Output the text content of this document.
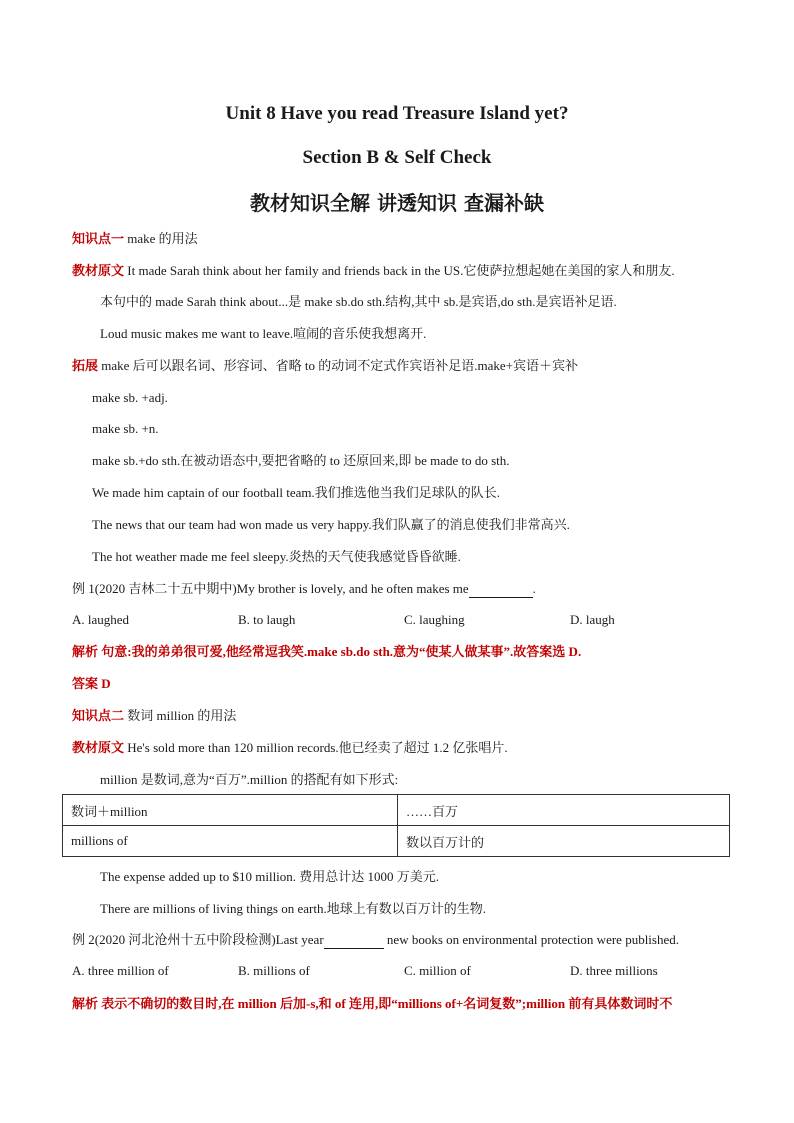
Unit 8 Have you read Treasure Island yet?
Section B & Self Check
教材知识全解 讲透知识 查漏补缺
知识点一 make 的用法
教材原文 It made Sarah think about her family and friends back in the US.它使萨拉想起她在美国的家人和朋友.
本句中的 made Sarah think about...是 make sb.do sth.结构,其中 sb.是宾语,do sth.是宾语补足语.
Loud music makes me want to leave.喧闹的音乐使我想离开.
拓展 make 后可以跟名词、形容词、省略 to 的动词不定式作宾语补足语.make+宾语＋宾补
make sb. +adj.
make sb. +n.
make sb.+do sth.在被动语态中,要把省略的 to 还原回来,即 be made to do sth.
We made him captain of our football team.我们推选他当我们足球队的队长.
The news that our team had won made us very happy.我们队赢了的消息使我们非常高兴.
The hot weather made me feel sleepy.炎热的天气使我感觉昏昏欲睡.
例 1(2020 吉林二十五中期中)My brother is lovely, and he often makes me	.
A. laughed	B. to laugh	C. laughing	D. laugh
解析 句意:我的弟弟很可爱,他经常逗我笑.make sb.do sth.意为“使某人做某事”.故答案选 D.
答案 D
知识点二 数词 million 的用法
教材原文 He's sold more than 120 million records.他已经卖了超过 1.2 亿张唱片.
million 是数词,意为“百万”.million 的搭配有如下形式:
数词＋million	……百万
millions of	数以百万计的
The expense added up to $10 million. 费用总计达 1000 万美元.
There are millions of living things on earth.地球上有数以百万计的生物.
例 2(2020 河北沧州十五中阶段检测)Last year	new books on environmental protection were published.
A. three million of	B. millions of	C. million of	D. three millions
解析 表示不确切的数目时,在 million 后加-s,和 of 连用,即“millions of+名词复数”;million 前有具体数词时不
